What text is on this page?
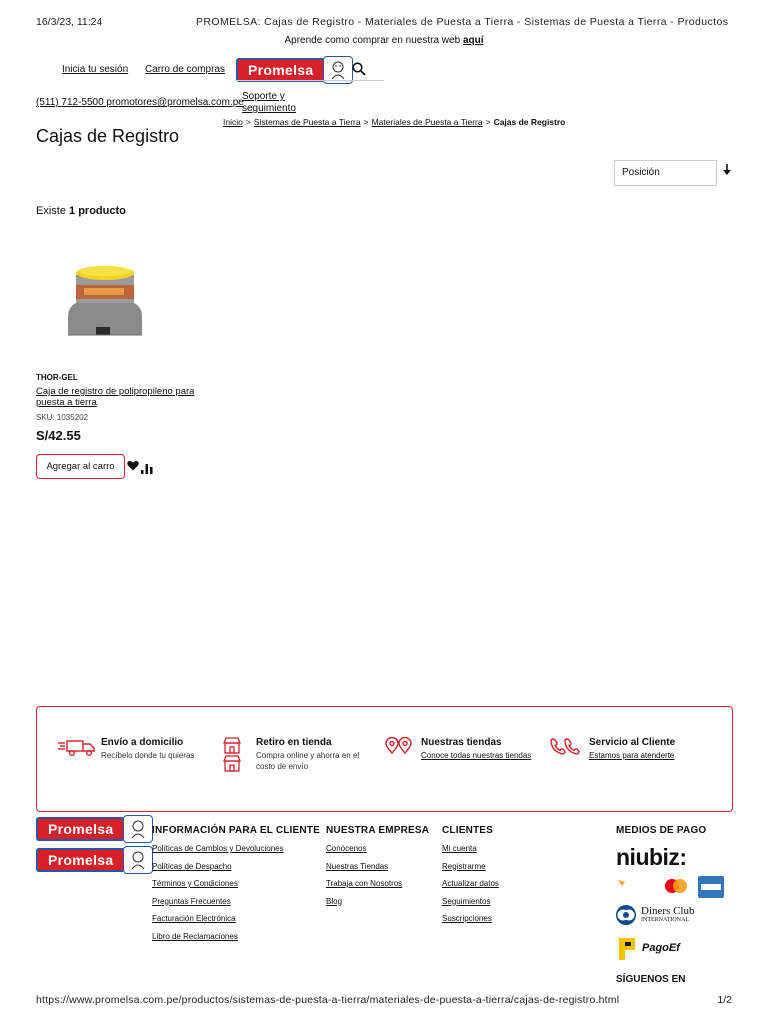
16/3/23, 11:24	PROMELSA: Cajas de Registro - Materiales de Puesta a Tierra - Sistemas de Puesta a Tierra - Productos
Aprende como comprar en nuestra web aquí
Inicia tu sesión Carro de compras	Promelsa
(511) 712-5500 promotores@promelsa.com.pe
Soporte y
seguimiento
Inicio > Sistemas de Puesta a Tierra > Materiales de Puesta a Tierra > Cajas de Registro
Cajas de Registro
Posición
Existe 1 producto
THOR-GEL
Caja de registro de polipropileno para puesta a tierra
SKU: 1035202
S/42.55
Agregar al carro
Envío a domicilio
Recíbelo donde tu quieras
Retiro en tienda
Compra online y ahorra en el costo de envío
Nuestras tiendas
Conoce todas nuestras tiendas
Servicio al Cliente
Estamos para atenderte
Promelsa
Promelsa
INFORMACIÓN PARA EL CLIENTE
Políticas de Cambios y Devoluciones
Políticas de Despacho
Términos y Condiciones
Preguntas Frecuentes
Facturación Electrónica
Libro de Reclamaciones
NUESTRA EMPRESA
Conócenos
Nuestras Tiendas
Trabaja con Nosotros
Blog
CLIENTES
Mi cuenta
Registrarme
Actualizar datos
Seguimientos
Suscripciones
MEDIOS DE PAGO
niubiz:
Diners Club
INTERNATIONAL
PagoEf
SÍGUENOS EN
https://www.promelsa.com.pe/productos/sistemas-de-puesta-a-tierra/materiales-de-puesta-a-tierra/cajas-de-registro.html	1/2
